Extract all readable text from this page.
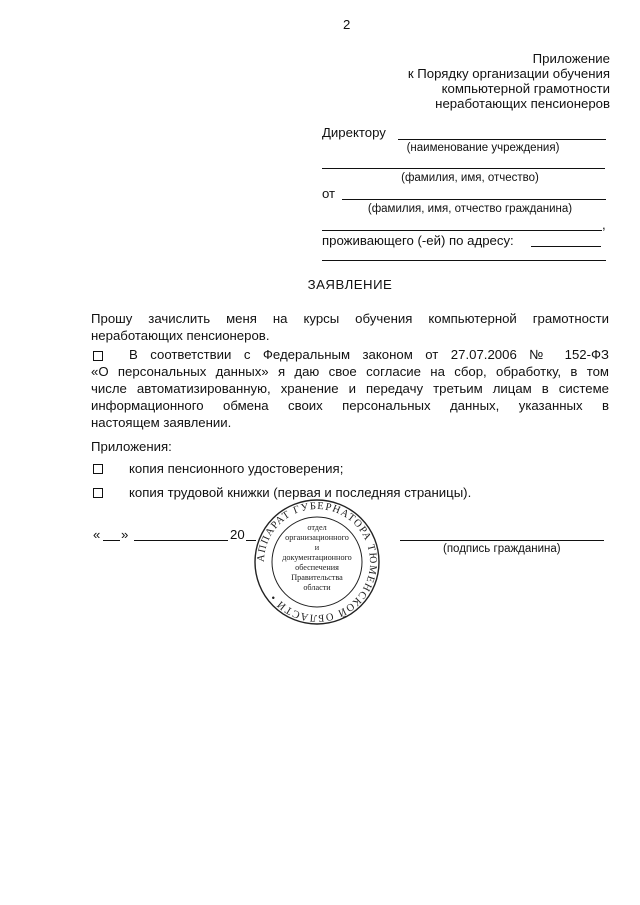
2
Приложение
к Порядку организации обучения
компьютерной грамотности
неработающих пенсионеров
Директору
(наименование учреждения)
(фамилия, имя, отчество)
от
(фамилия, имя, отчество гражданина)
,
проживающего (-ей) по адресу:
ЗАЯВЛЕНИЕ
Прошу зачислить меня на курсы обучения компьютерной грамотности
неработающих пенсионеров.
В соответствии с Федеральным законом от 27.07.2006 № 152-ФЗ
«О персональных данных» я даю свое согласие на сбор, обработку, в том
числе автоматизированную, хранение и передачу третьим лицам в системе
информационного обмена своих персональных данных, указанных в
настоящем заявлении.
Приложения:
копия пенсионного удостоверения;
копия трудовой книжки (первая и последняя страницы).
« »	20
(подпись гражданина)
АППАРАТ ГУБЕРНАТОРА ТЮМЕНСКОЙ ОБЛАСТИ •
отдел
организационного
и
документационного
обеспечения
Правительства
области
